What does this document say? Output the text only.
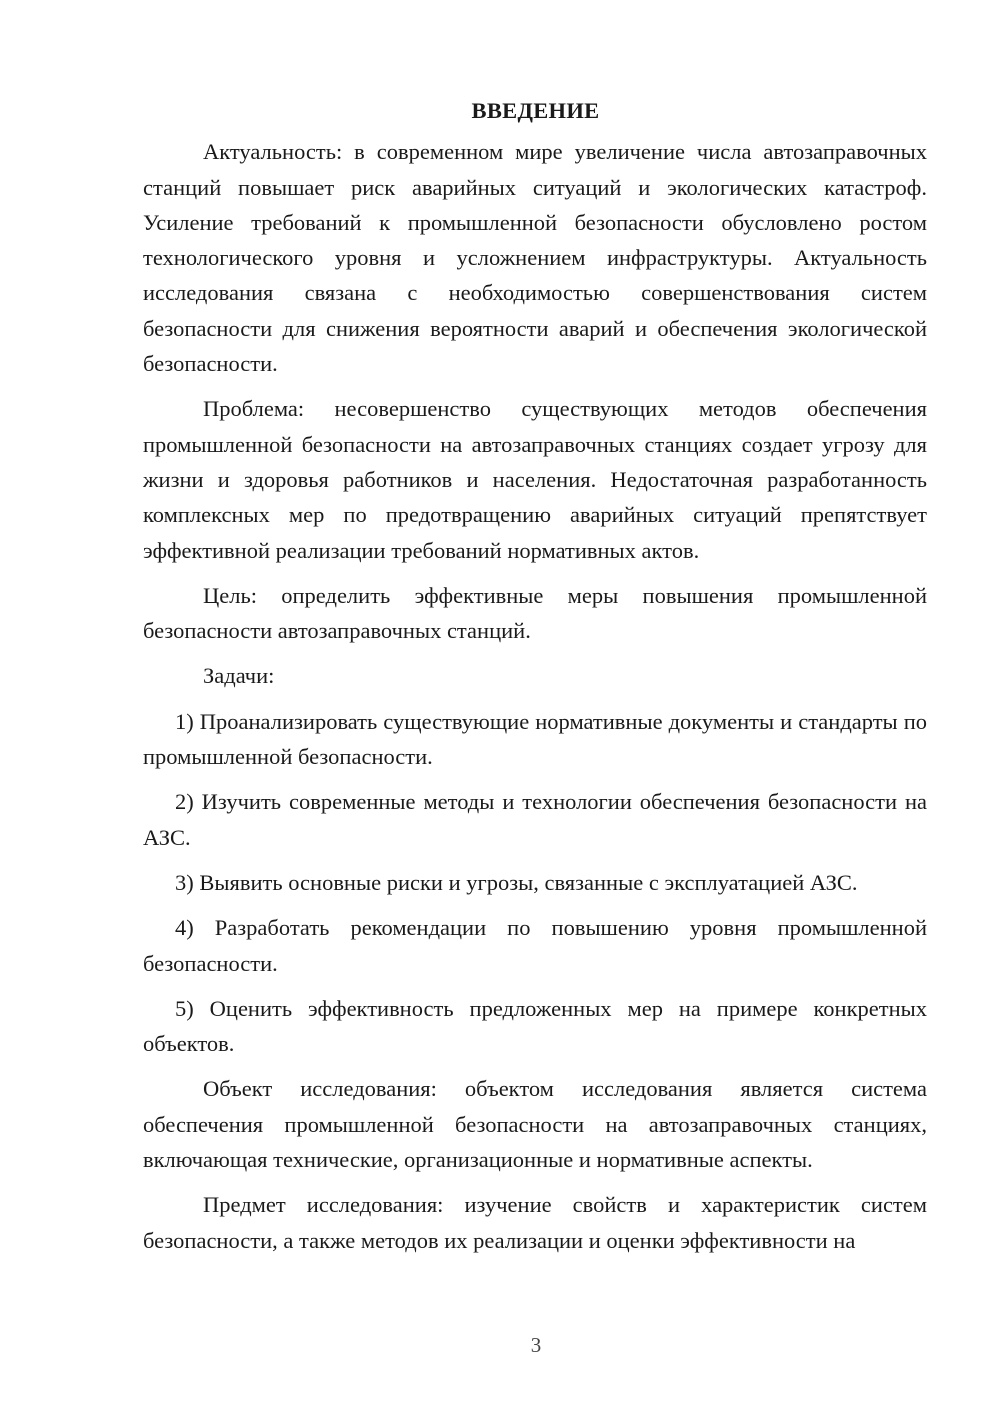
ВВЕДЕНИЕ

Актуальность: в современном мире увеличение числа автозаправочных станций повышает риск аварийных ситуаций и экологических катастроф. Усиление требований к промышленной безопасности обусловлено ростом технологического уровня и усложнением инфраструктуры. Актуальность исследования связана с необходимостью совершенствования систем безопасности для снижения вероятности аварий и обеспечения экологической безопасности.

Проблема: несовершенство существующих методов обеспечения промышленной безопасности на автозаправочных станциях создает угрозу для жизни и здоровья работников и населения. Недостаточная разработанность комплексных мер по предотвращению аварийных ситуаций препятствует эффективной реализации требований нормативных актов.

Цель: определить эффективные меры повышения промышленной безопасности автозаправочных станций.

Задачи:

1) Проанализировать существующие нормативные документы и стандарты по промышленной безопасности.

2) Изучить современные методы и технологии обеспечения безопасности на АЗС.

3) Выявить основные риски и угрозы, связанные с эксплуатацией АЗС.

4) Разработать рекомендации по повышению уровня промышленной безопасности.

5) Оценить эффективность предложенных мер на примере конкретных объектов.

Объект исследования: объектом исследования является система обеспечения промышленной безопасности на автозаправочных станциях, включающая технические, организационные и нормативные аспекты.

Предмет исследования: изучение свойств и характеристик систем безопасности, а также методов их реализации и оценки эффективности на

3
